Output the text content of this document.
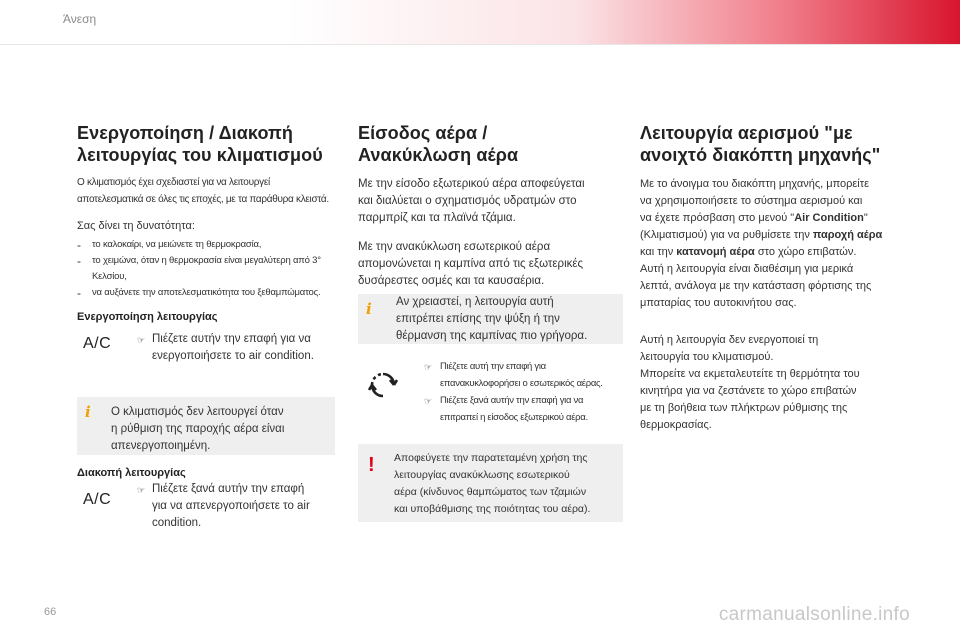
Άνεση
Ενεργοποίηση / Διακοπή
λειτουργίας του κλιματισμού
Ο κλιματισμός έχει σχεδιαστεί για να λειτουργεί
αποτελεσματικά σε όλες τις εποχές, με τα παράθυρα κλειστά.
Σας δίνει τη δυνατότητα:
- το καλοκαίρι, να μειώνετε τη θερμοκρασία,
- το χειμώνα, όταν η θερμοκρασία είναι μεγαλύτερη από 3° Κελσίου,
- να αυξάνετε την αποτελεσματικότητα του ξεθαμπώματος.
Ενεργοποίηση λειτουργίας
A/C	☞ Πιέζετε αυτήν την επαφή για να
ενεργοποιήσετε το air condition.
i Ο κλιματισμός δεν λειτουργεί όταν
η ρύθμιση της παροχής αέρα είναι
απενεργοποιημένη.
Διακοπή λειτουργίας
A/C
☞ Πιέζετε ξανά αυτήν την επαφή
για να απενεργοποιήσετε το air
condition.
Είσοδος αέρα /
Ανακύκλωση αέρα
Με την είσοδο εξωτερικού αέρα αποφεύγεται
και διαλύεται ο σχηματισμός υδρατμών στο
παρμπρίζ και τα πλαϊνά τζάμια.
Με την ανακύκλωση εσωτερικού αέρα
απομονώνεται η καμπίνα από τις εξωτερικές
δυσάρεστες οσμές και τα καυσαέρια.
i Αν χρειαστεί, η λειτουργία αυτή
επιτρέπει επίσης την ψύξη ή την
θέρμανση της καμπίνας πιο γρήγορα.
☞ Πιέζετε αυτή την επαφή για
επανακυκλοφορήσει ο εσωτερικός αέρας.
☞ Πιέζετε ξανά αυτήν την επαφή για να
επιτραπεί η είσοδος εξωτερικού αέρα.
! Αποφεύγετε την παρατεταμένη χρήση της
λειτουργίας ανακύκλωσης εσωτερικού
αέρα (κίνδυνος θαμπώματος των τζαμιών
και υποβάθμισης της ποιότητας του αέρα).
Λειτουργία αερισμού "με
ανοιχτό διακόπτη μηχανής"
Με το άνοιγμα του διακόπτη μηχανής, μπορείτε
να χρησιμοποιήσετε το σύστημα αερισμού και
να έχετε πρόσβαση στο μενού "Air Condition"
(Κλιματισμού) για να ρυθμίσετε την παροχή αέρα
και την κατανομή αέρα στο χώρο επιβατών.
Αυτή η λειτουργία είναι διαθέσιμη για μερικά
λεπτά, ανάλογα με την κατάσταση φόρτισης της
μπαταρίας του αυτοκινήτου σας.
Αυτή η λειτουργία δεν ενεργοποιεί τη
λειτουργία του κλιματισμού.
Μπορείτε να εκμεταλευτείτε τη θερμότητα του
κινητήρα για να ζεστάνετε το χώρο επιβατών
με τη βοήθεια των πλήκτρων ρύθμισης της
θερμοκρασίας.
66	carmanualsonline.info
